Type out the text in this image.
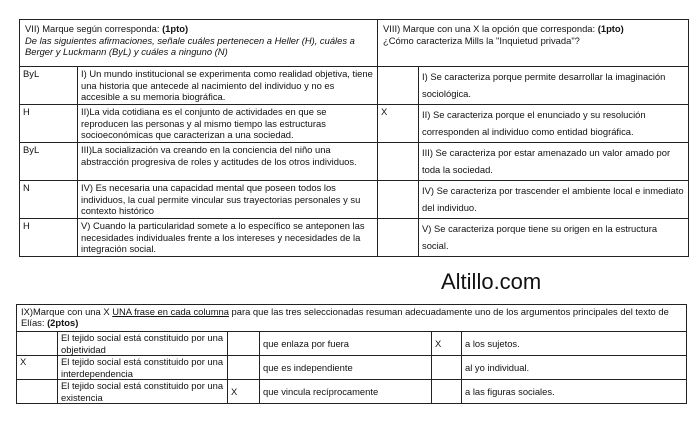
VII) Marque según corresponda: (1pto)
De las siguientes afirmaciones, señale cuáles pertenecen a Heller (H), cuáles a Berger y Luckmann (ByL) y cuáles a ninguno (N)		VIII) Marque con una X la opción que corresponda: (1pto)
¿Cómo caracteriza Mills la "Inquietud privada"?	
ByL	I) Un mundo institucional se experimenta como realidad objetiva, tiene una historia que antecede al nacimiento del individuo y no es accesible a su memoria biográfica.		I) Se caracteriza porque permite desarrollar la imaginación sociológica.
H	II)La vida cotidiana es el conjunto de actividades en que se reproducen las personas y al mismo tiempo las estructuras socioeconómicas que caracterizan a una sociedad.	X	II) Se caracteriza porque el enunciado y su resolución corresponden al individuo como entidad biográfica.
ByL	III)La socialización va creando en la conciencia del niño una abstracción progresiva de roles y actitudes de los otros individuos.		III) Se caracteriza por estar amenazado un valor amado por toda la sociedad.
N	IV) Es necesaria una capacidad mental que poseen todos los individuos, la cual permite vincular sus trayectorias personales y su contexto histórico		IV) Se caracteriza por trascender el ambiente local e inmediato del individuo.
H	V) Cuando la particularidad somete a lo específico se anteponen las necesidades individuales frente a los intereses y necesidades de la integración social.		V) Se caracteriza porque tiene su origen en la estructura social.
Altillo.com
IX)Marque con una X UNA frase en cada columna para que las tres seleccionadas resuman adecuadamente uno de los argumentos principales del texto de Elías: (2ptos)					
	El tejido social está constituido por una objetividad		que enlaza por fuera	X	a los sujetos.
X	El tejido social está constituido por una interdependencia		que es independiente		al yo individual.
	El tejido social está constituido por una existencia	X	que vincula recíprocamente		a las figuras sociales.
